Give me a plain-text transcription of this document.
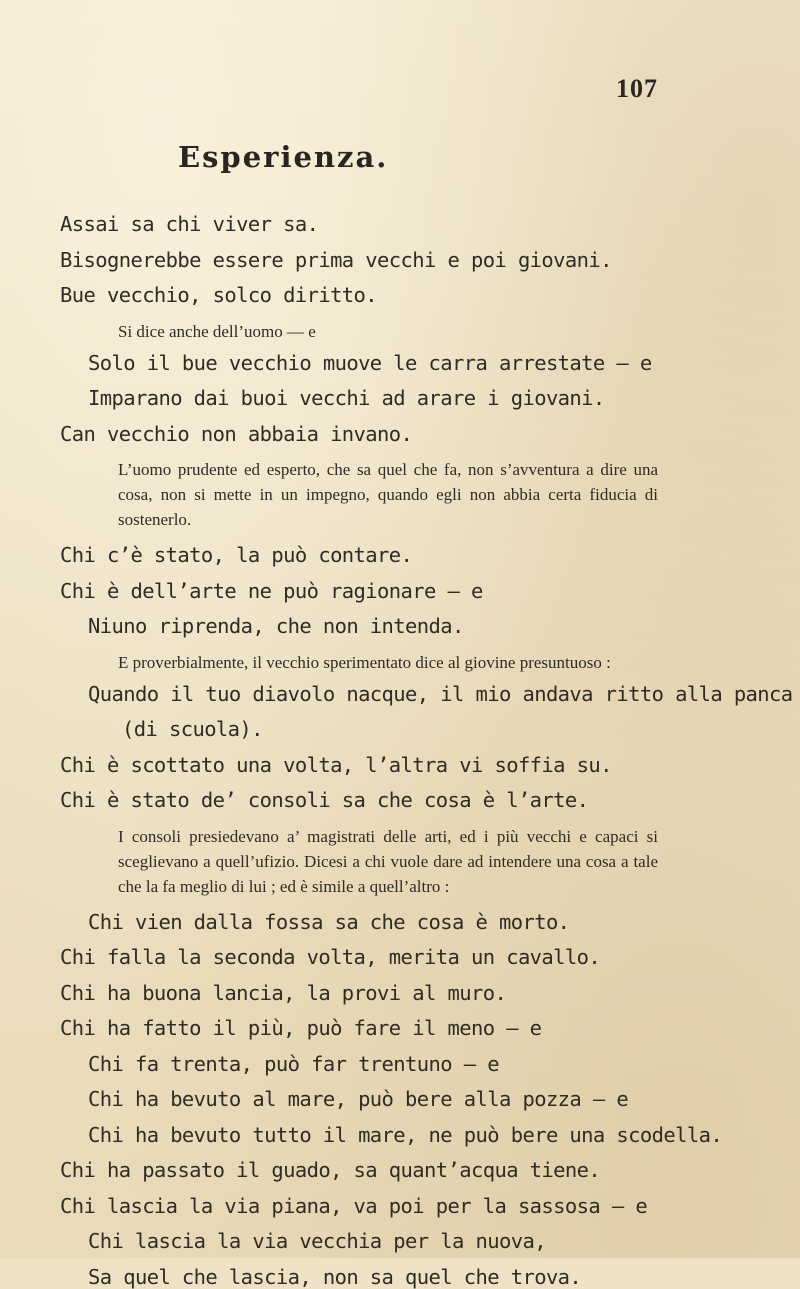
107
Esperienza.
Assai sa chi viver sa.
Bisognerebbe essere prima vecchi e poi giovani.
Bue vecchio, solco diritto.
Si dice anche dell’uomo — e
Solo il bue vecchio muove le carra arrestate — e
Imparano dai buoi vecchi ad arare i giovani.
Can vecchio non abbaia invano.
L’uomo prudente ed esperto, che sa quel che fa, non s’avventura a dire una cosa, non si mette in un impegno, quando egli non abbia certa fiducia di sostenerlo.
Chi c’è stato, la può contare.
Chi è dell’arte ne può ragionare — e
Niuno riprenda, che non intenda.
E proverbialmente, il vecchio sperimentato dice al giovine presuntuoso :
Quando il tuo diavolo nacque, il mio andava ritto alla panca
(di scuola).
Chi è scottato una volta, l’altra vi soffia su.
Chi è stato de’ consoli sa che cosa è l’arte.
I consoli presiedevano a’ magistrati delle arti, ed i più vecchi e capaci si sceglievano a quell’ufizio. Dicesi a chi vuole dare ad intendere una cosa a tale che la fa meglio di lui ; ed è simile a quell’altro :
Chi vien dalla fossa sa che cosa è morto.
Chi falla la seconda volta, merita un cavallo.
Chi ha buona lancia, la provi al muro.
Chi ha fatto il più, può fare il meno — e
Chi fa trenta, può far trentuno — e
Chi ha bevuto al mare, può bere alla pozza — e
Chi ha bevuto tutto il mare, ne può bere una scodella.
Chi ha passato il guado, sa quant’acqua tiene.
Chi lascia la via piana, va poi per la sassosa — e
Chi lascia la via vecchia per la nuova,
Sa quel che lascia, non sa quel che trova.
